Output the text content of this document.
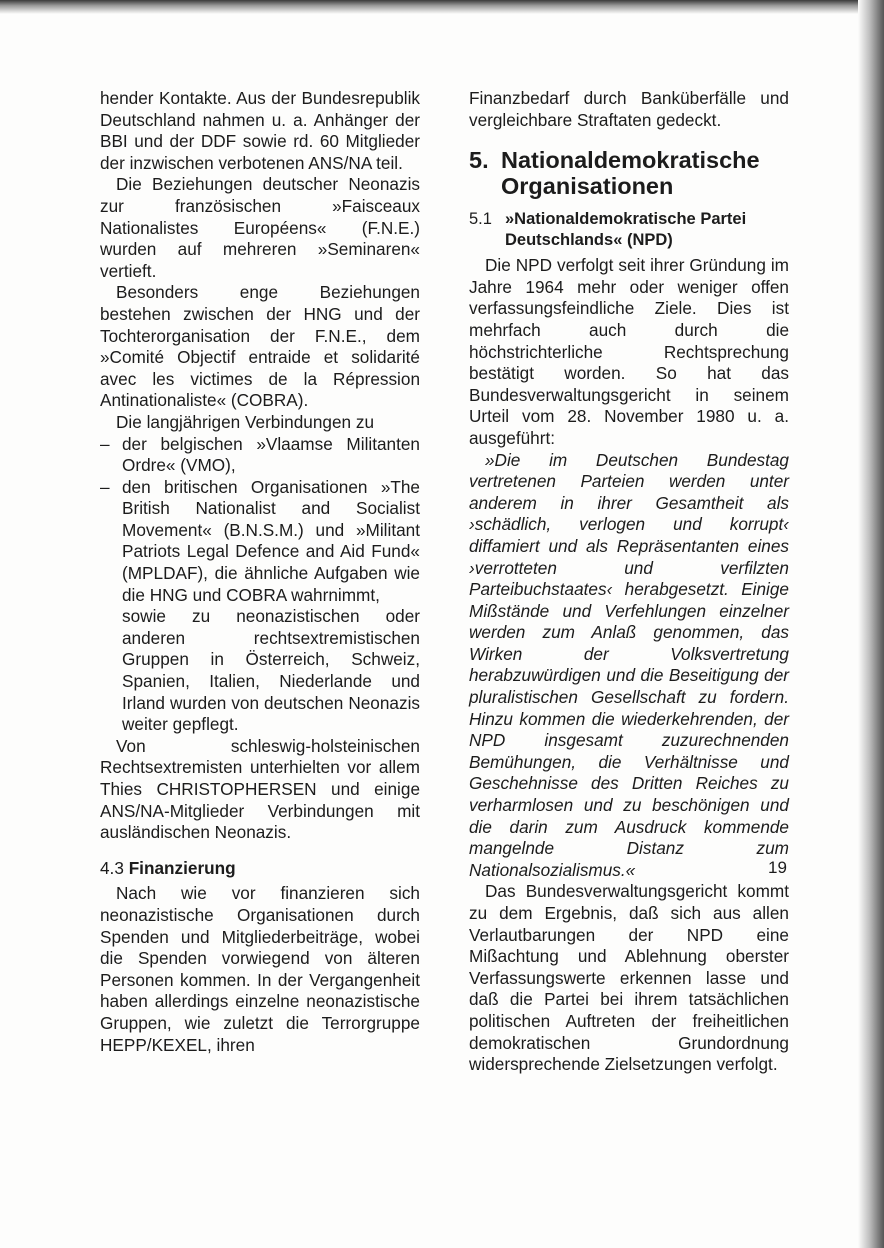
hender Kontakte. Aus der Bundesrepublik Deutschland nahmen u. a. Anhänger der BBI und der DDF sowie rd. 60 Mitglieder der inzwischen verbotenen ANS/NA teil.

Die Beziehungen deutscher Neonazis zur französischen »Faisceaux Nationalistes Européens« (F.N.E.) wurden auf mehreren »Seminaren« vertieft.

Besonders enge Beziehungen bestehen zwischen der HNG und der Tochterorganisation der F.N.E., dem »Comité Objectif entraide et solidarité avec les victimes de la Répression Antinationaliste« (COBRA).

Die langjährigen Verbindungen zu

– der belgischen »Vlaamse Militanten Ordre« (VMO),
– den britischen Organisationen »The British Nationalist and Socialist Movement« (B.N.S.M.) und »Militant Patriots Legal Defence and Aid Fund« (MPLDAF), die ähnliche Aufgaben wie die HNG und COBRA wahrnimmt,

sowie zu neonazistischen oder anderen rechtsextremistischen Gruppen in Österreich, Schweiz, Spanien, Italien, Niederlande und Irland wurden von deutschen Neonazis weiter gepflegt.

Von schleswig-holsteinischen Rechtsextremisten unterhielten vor allem Thies CHRISTOPHERSEN und einige ANS/NA-Mitglieder Verbindungen mit ausländischen Neonazis.

4.3 Finanzierung

Nach wie vor finanzieren sich neonazistische Organisationen durch Spenden und Mitgliederbeiträge, wobei die Spenden vorwiegend von älteren Personen kommen. In der Vergangenheit haben allerdings einzelne neonazistische Gruppen, wie zuletzt die Terrorgruppe HEPP/KEXEL, ihren

Finanzbedarf durch Banküberfälle und vergleichbare Straftaten gedeckt.

5. Nationaldemokratische Organisationen
5.1 »Nationaldemokratische Partei Deutschlands« (NPD)

Die NPD verfolgt seit ihrer Gründung im Jahre 1964 mehr oder weniger offen verfassungsfeindliche Ziele. Dies ist mehrfach auch durch die höchstrichterliche Rechtsprechung bestätigt worden. So hat das Bundesverwaltungsgericht in seinem Urteil vom 28. November 1980 u. a. ausgeführt:

»Die im Deutschen Bundestag vertretenen Parteien werden unter anderem in ihrer Gesamtheit als ›schädlich, verlogen und korrupt‹ diffamiert und als Repräsentanten eines ›verrotteten und verfilzten Parteibuchstaates‹ herabgesetzt. Einige Mißstände und Verfehlungen einzelner werden zum Anlaß genommen, das Wirken der Volksvertretung herabzuwürdigen und die Beseitigung der pluralistischen Gesellschaft zu fordern. Hinzu kommen die wiederkehrenden, der NPD insgesamt zuzurechnenden Bemühungen, die Verhältnisse und Geschehnisse des Dritten Reiches zu verharmlosen und zu beschönigen und die darin zum Ausdruck kommende mangelnde Distanz zum Nationalsozialismus.«

Das Bundesverwaltungsgericht kommt zu dem Ergebnis, daß sich aus allen Verlautbarungen der NPD eine Mißachtung und Ablehnung oberster Verfassungswerte erkennen lasse und daß die Partei bei ihrem tatsächlichen politischen Auftreten der freiheitlichen demokratischen Grundordnung widersprechende Zielsetzungen verfolgt.

19
